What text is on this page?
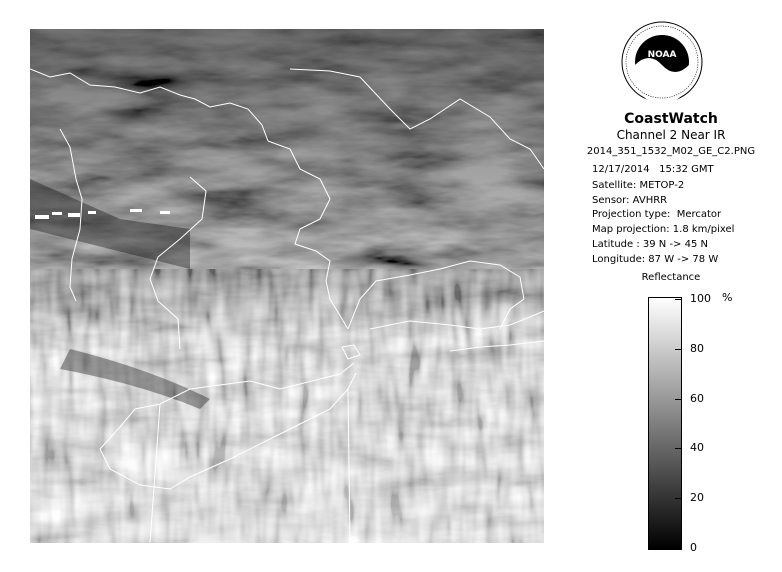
NOAA
CoastWatch
Channel 2 Near IR
2014_351_1532_M02_GE_C2.PNG
12/17/2014   15:32 GMT
Satellite: METOP-2
Sensor: AVHRR
Projection type:  Mercator
Map projection: 1.8 km/pixel
Latitude : 39 N -> 45 N
Longitude: 87 W -> 78 W
Reflectance
%
100
80
60
40
20
0
